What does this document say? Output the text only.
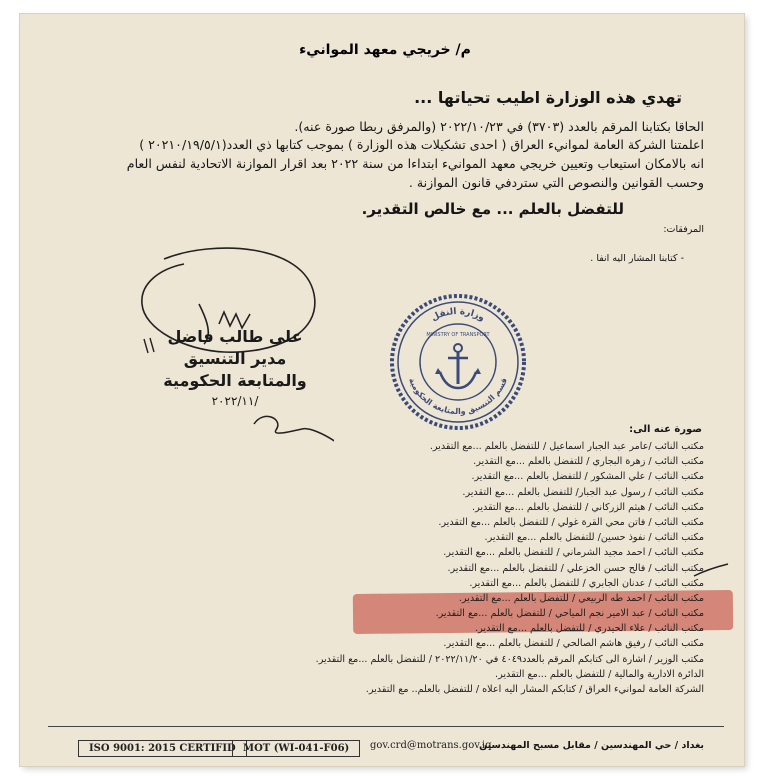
م/ خريجي معهد الموانيء
تهدي هذه الوزارة اطيب تحياتها ...
الحاقا بكتابنا المرقم بالعدد (٣٧٠٣) في ٢٠٢٢/١٠/٢٣ (والمرفق ربطا صورة عنه).
اعلمتنا الشركة العامة لموانيء العراق ( احدى تشكيلات هذه الوزارة ) بموجب كتابها ذي العدد(٢٠٢١٠/١٩/٥/١ )
انه بالامكان استيعاب وتعيين خريجي معهد الموانيء ابتداءا من سنة ٢٠٢٢ بعد اقرار الموازنة الاتحادية لنفس العام
وحسب القوانين والنصوص التي ستردفي قانون الموازنة .
للتفضل بالعلم ... مع خالص التقدير.
المرفقات:
- كتابنا المشار اليه انفا .
علي طالب فاضل
مدير التنسيق
والمتابعة الحكومية
٢٠٢٢/١١/
وزارة النقل
قسم التنسيق والمتابعة الحكومية
MINISTRY OF TRANSPORT
صورة عنه الى:
مكتب النائب /عامر عبد الجبار اسماعيل / للتفضل بالعلم ...مع التقدير.
مكتب النائب / زهرة البجاري / للتفضل بالعلم ...مع التقدير.
مكتب النائب / علي المشكور / للتفضل بالعلم ...مع التقدير.
مكتب النائب / رسول عبد الجبار/ للتفضل بالعلم ...مع التقدير.
مكتب النائب / هيثم الزركاني / للتفضل بالعلم ...مع التقدير.
مكتب النائب / فاتن محي القرة غولي / للتفضل بالعلم ...مع التقدير.
مكتب النائب / نفوذ حسين/ للتفضل بالعلم ...مع التقدير.
مكتب النائب / احمد مجيد الشرماني / للتفضل بالعلم ...مع التقدير.
مكتب النائب / فالح حسن الخزعلي / للتفضل بالعلم ...مع التقدير.
مكتب النائب / عدنان الجابري / للتفضل بالعلم ...مع التقدير.
مكتب النائب / احمد طه الربيعي / للتفضل بالعلم ...مع التقدير.
مكتب النائب / عبد الامير نجم المياحي / للتفضل بالعلم ...مع التقدير.
مكتب النائب / علاء الحيدري / للتفضل بالعلم ...مع التقدير.
مكتب النائب / رفيق هاشم الصالحي / للتفضل بالعلم ...مع التقدير.
مكتب الوزير / اشارة الى كتابكم المرقم بالعدد٤٠٤٩ في ٢٠٢٢/١١/٢٠ / للتفضل بالعلم ...مع التقدير.
الدائرة الادارية والمالية / للتفضل بالعلم ...مع التقدير.
الشركة العامة لموانيء العراق / كتابكم المشار اليه اعلاه / للتفضل بالعلم.. مع التقدير.
ISO 9001: 2015 CERTIFID MOT (WI-041-F06)	gov.crd@motrans.gov.iq
بغداد / حي المهندسين / مقابل مسبح المهندسين
